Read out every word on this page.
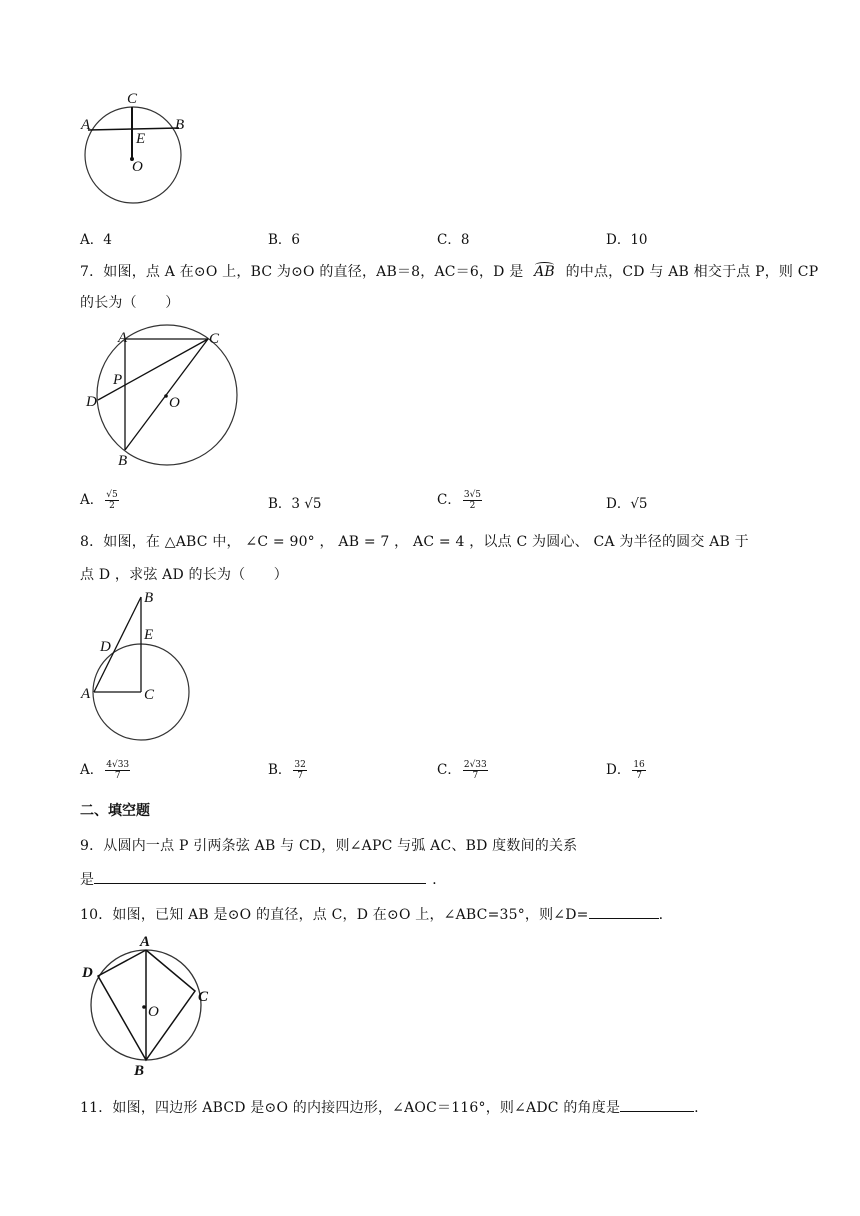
C
A	B
E
O
A．4	B．6	C．8	D．10
7．如图，点 A 在⊙O 上，BC 为⊙O 的直径，AB＝8，AC＝6，D 是 AB 的中点，CD 与 AB 相交于点 P，则 CP
的长为（　　）
A	C
P
D	O
B
A． $\frac{√5}{2}$	B．3 √5	C． $\frac{3√5}{2}$	D．√5
8．如图，在 △ABC 中， ∠C = 90° ， AB = 7 ， AC = 4 ，以点 C 为圆心、 CA 为半径的圆交 AB 于
点 D ，求弦 AD 的长为（　　）
B
E
D
A	C
A． $\frac{4√33}{7}$	B． $\frac{32}{7}$	C． $\frac{2√33}{7}$	D． $\frac{16}{7}$
二、填空题
9．从圆内一点 P 引两条弦 AB 与 CD，则∠APC 与弧 AC、BD 度数间的关系
是	．
10．如图，已知 AB 是⊙O 的直径，点 C，D 在⊙O 上，∠ABC=35°，则∠D=	.
A
D
C
O
B
11．如图，四边形 ABCD 是⊙O 的内接四边形，∠AOC＝116°，则∠ADC 的角度是	.
